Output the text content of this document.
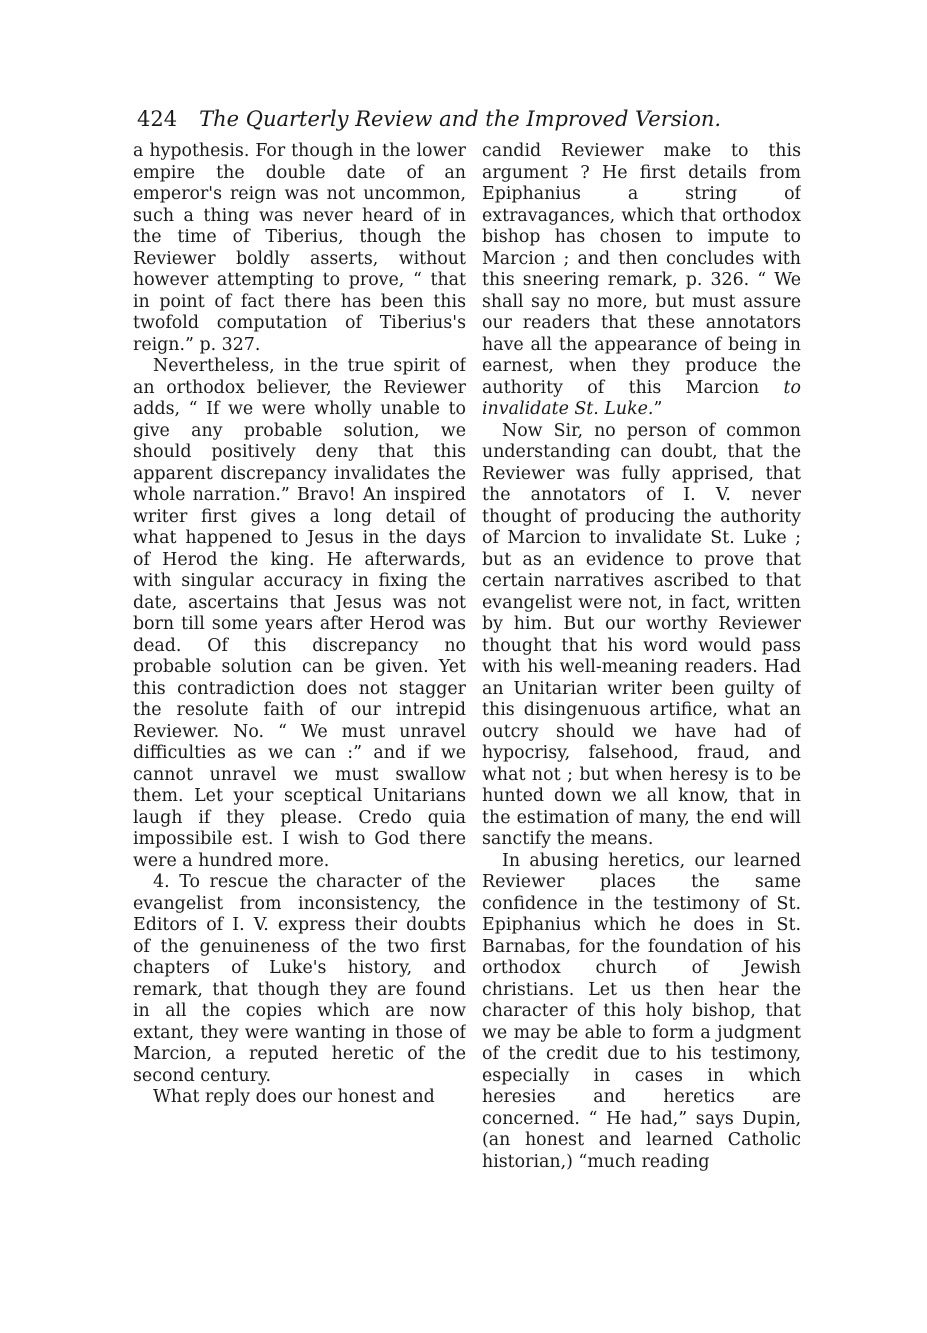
424 The Quarterly Review and the Improved Version.

a hypothesis. For though in the lower empire the double date of an emperor's reign was not uncommon, such a thing was never heard of in the time of Tiberius, though the Reviewer boldly asserts, without however attempting to prove, “ that in point of fact there has been this twofold computation of Tiberius's reign.” p. 327.

Nevertheless, in the true spirit of an orthodox believer, the Reviewer adds, “ If we were wholly unable to give any probable solution, we should positively deny that this apparent discrepancy invalidates the whole narration.” Bravo! An inspired writer first gives a long detail of what happened to Jesus in the days of Herod the king. He afterwards, with singular accuracy in fixing the date, ascertains that Jesus was not born till some years after Herod was dead. Of this discrepancy no probable solution can be given. Yet this contradiction does not stagger the resolute faith of our intrepid Reviewer. No. “ We must unravel difficulties as we can :” and if we cannot unravel we must swallow them. Let your sceptical Unitarians laugh if they please. Credo quia impossibile est. I wish to God there were a hundred more.

4. To rescue the character of the evangelist from inconsistency, the Editors of I. V. express their doubts of the genuineness of the two first chapters of Luke's history, and remark, that though they are found in all the copies which are now extant, they were wanting in those of Marcion, a reputed heretic of the second century.

What reply does our honest and

candid Reviewer make to this argument ? He first details from Epiphanius a string of extravagances, which that orthodox bishop has chosen to impute to Marcion ; and then concludes with this sneering remark, p. 326. “ We shall say no more, but must assure our readers that these annotators have all the appearance of being in earnest, when they produce the authority of this Marcion to invalidate St. Luke.”

Now Sir, no person of common understanding can doubt, that the Reviewer was fully apprised, that the annotators of I. V. never thought of producing the authority of Marcion to invalidate St. Luke ; but as an evidence to prove that certain narratives ascribed to that evangelist were not, in fact, written by him. But our worthy Reviewer thought that his word would pass with his well-meaning readers. Had an Unitarian writer been guilty of this disingenuous artifice, what an outcry should we have had of hypocrisy, falsehood, fraud, and what not ; but when heresy is to be hunted down we all know, that in the estimation of many, the end will sanctify the means.

In abusing heretics, our learned Reviewer places the same confidence in the testimony of St. Epiphanius which he does in St. Barnabas, for the foundation of his orthodox church of Jewish christians. Let us then hear the character of this holy bishop, that we may be able to form a judgment of the credit due to his testimony, especially in cases in which heresies and heretics are concerned. “ He had,” says Dupin, (an honest and learned Catholic historian,) “much reading
